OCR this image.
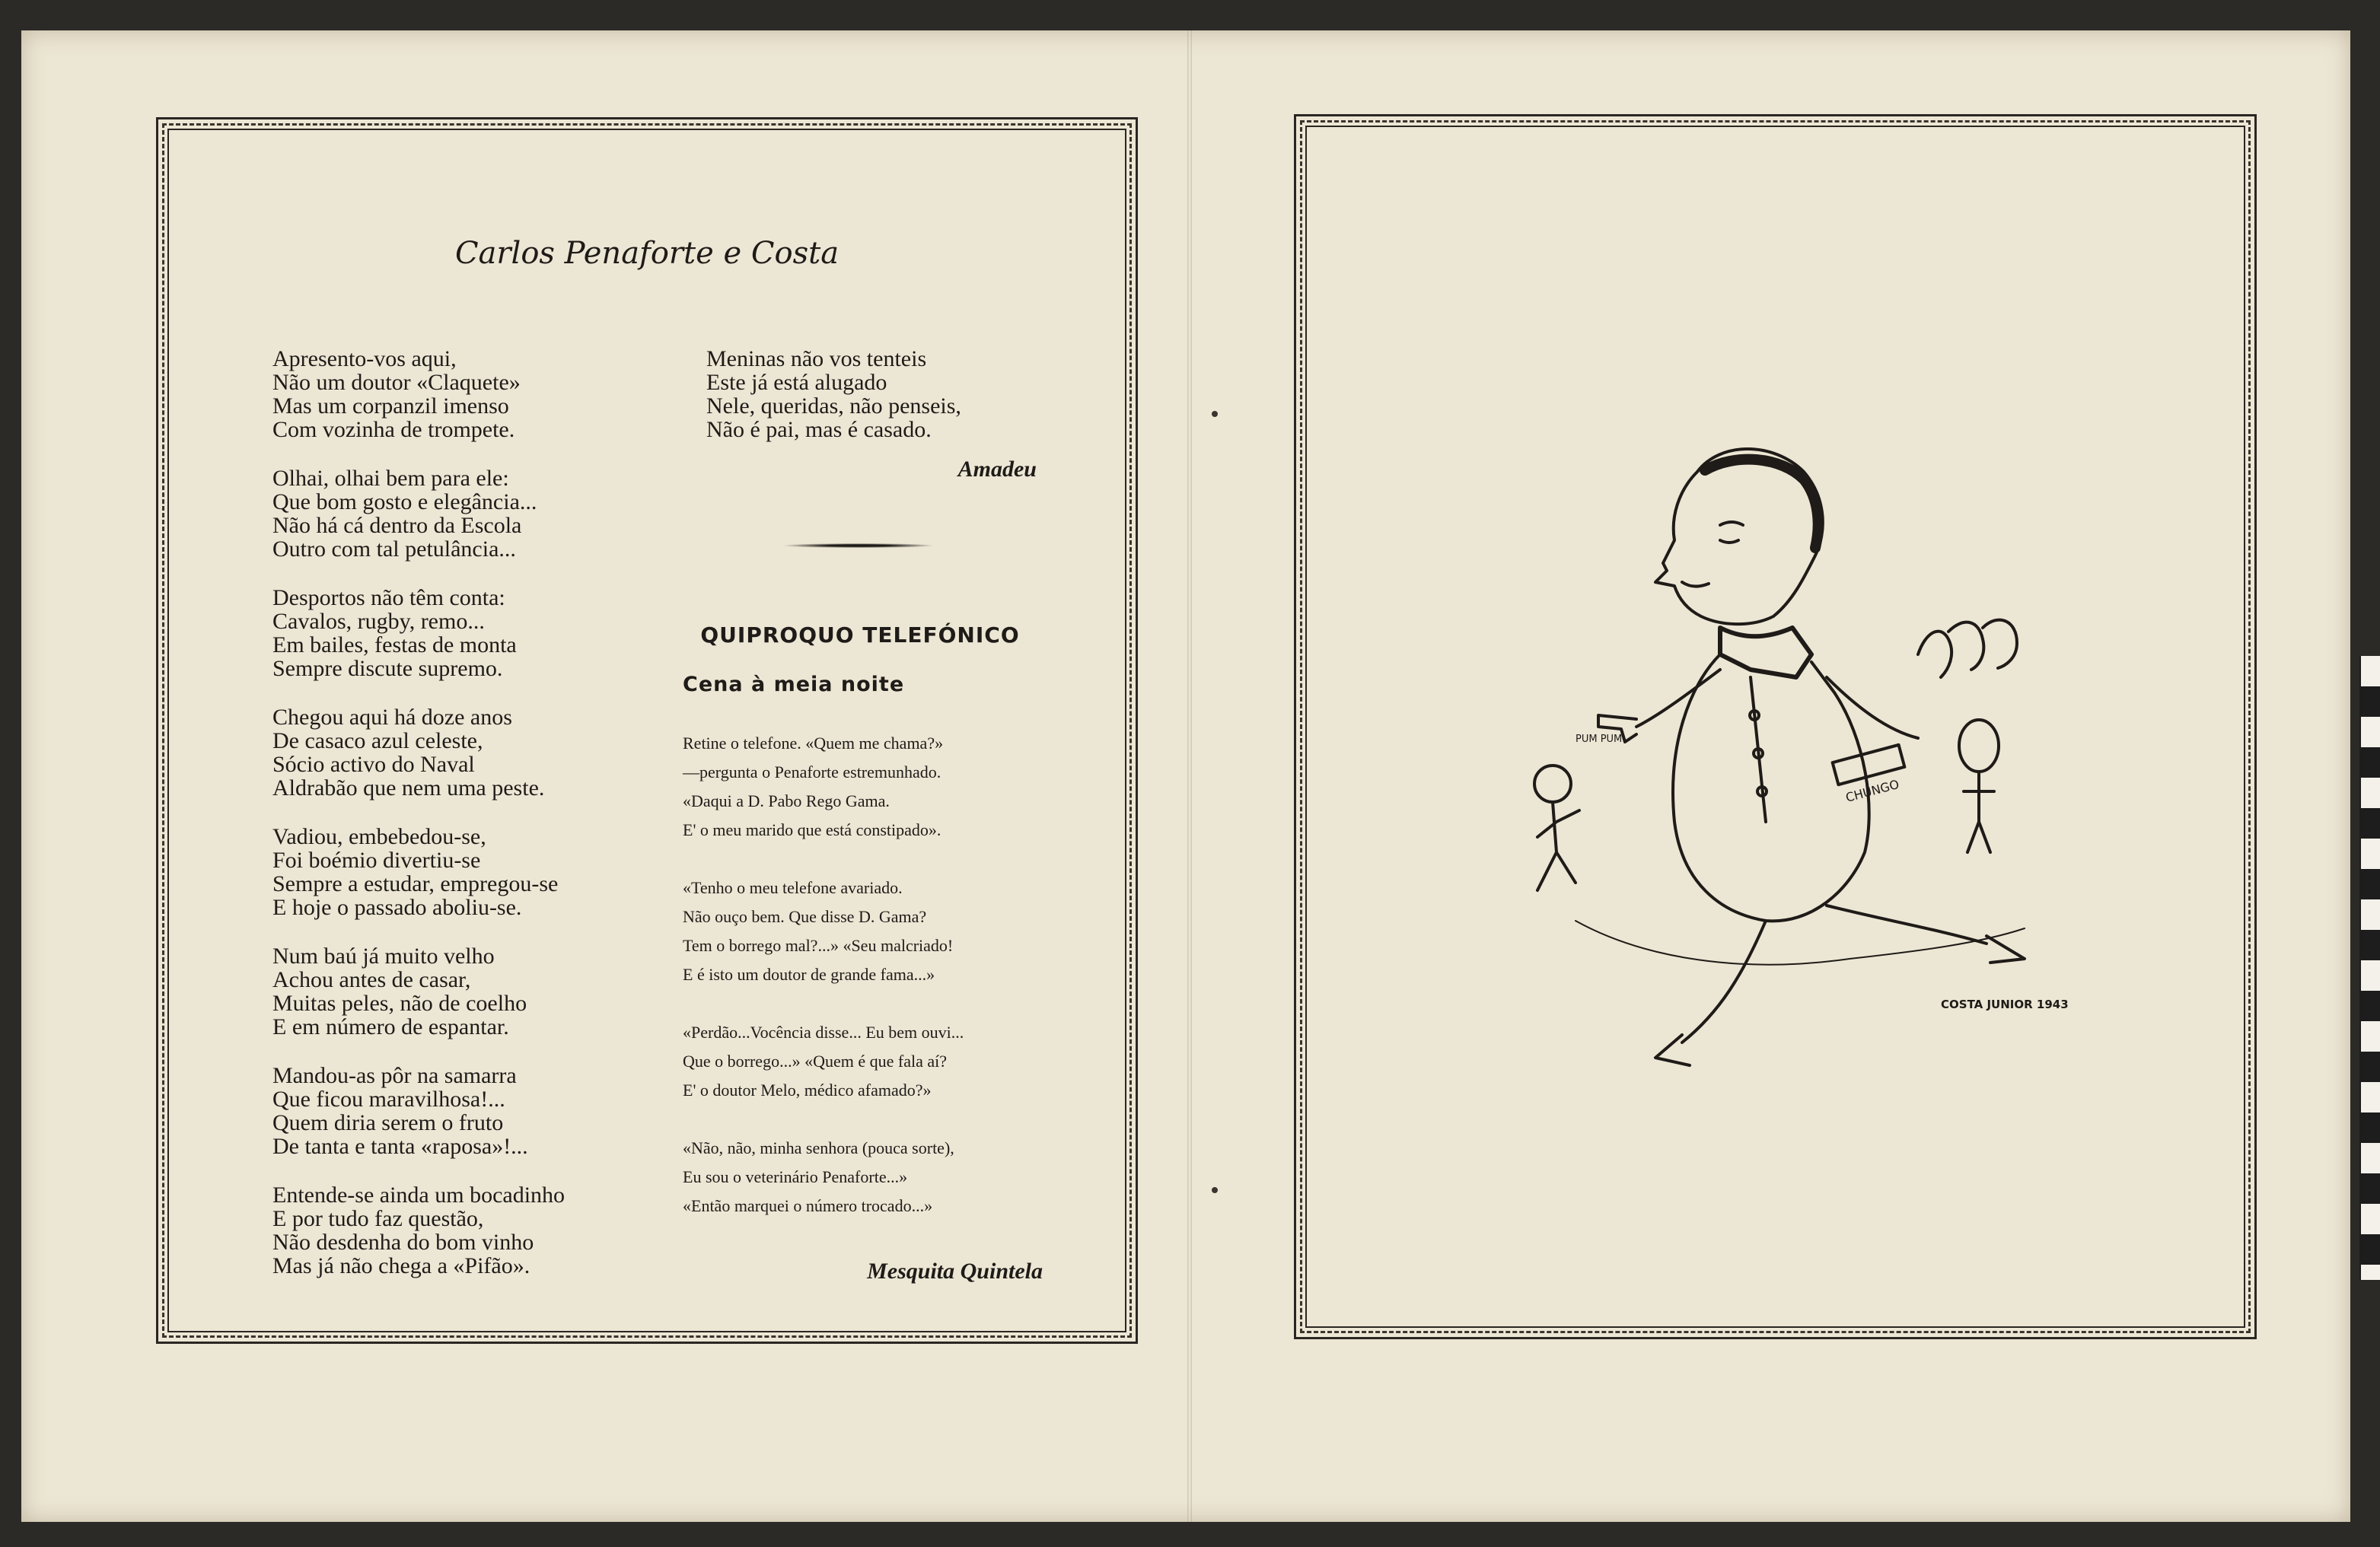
Carlos Penaforte e Costa
Apresento-vos aqui,
Não um doutor «Claquete»
Mas um corpanzil imenso
Com vozinha de trompete.
Olhai, olhai bem para ele:
Que bom gosto e elegância...
Não há cá dentro da Escola
Outro com tal petulância...
Desportos não têm conta:
Cavalos, rugby, remo...
Em bailes, festas de monta
Sempre discute supremo.
Chegou aqui há doze anos
De casaco azul celeste,
Sócio activo do Naval
Aldrabão que nem uma peste.
Vadiou, embebedou-se,
Foi boémio divertiu-se
Sempre a estudar, empregou-se
E hoje o passado aboliu-se.
Num baú já muito velho
Achou antes de casar,
Muitas peles, não de coelho
E em número de espantar.
Mandou-as pôr na samarra
Que ficou maravilhosa!...
Quem diria serem o fruto
De tanta e tanta «raposa»!...
Entende-se ainda um bocadinho
E por tudo faz questão,
Não desdenha do bom vinho
Mas já não chega a «Pifão».
Meninas não vos tenteis
Este já está alugado
Nele, queridas, não penseis,
Não é pai, mas é casado.
Amadeu
QUIPROQUO TELEFÓNICO
Cena à meia noite
Retine o telefone. «Quem me chama?»
—pergunta o Penaforte estremunhado.
«Daqui a D. Pabo Rego Gama.
E' o meu marido que está constipado».
«Tenho o meu telefone avariado.
Não ouço bem. Que disse D. Gama?
Tem o borrego mal?...» «Seu malcriado!
E é isto um doutor de grande fama...»
«Perdão...Vocência disse... Eu bem ouvi...
Que o borrego...» «Quem é que fala aí?
E' o doutor Melo, médico afamado?»
«Não, não, minha senhora (pouca sorte),
Eu sou o veterinário Penaforte...»
«Então marquei o número trocado...»
Mesquita Quintela
PUM PUM
CHUNGO
COSTA JUNIOR 1943
